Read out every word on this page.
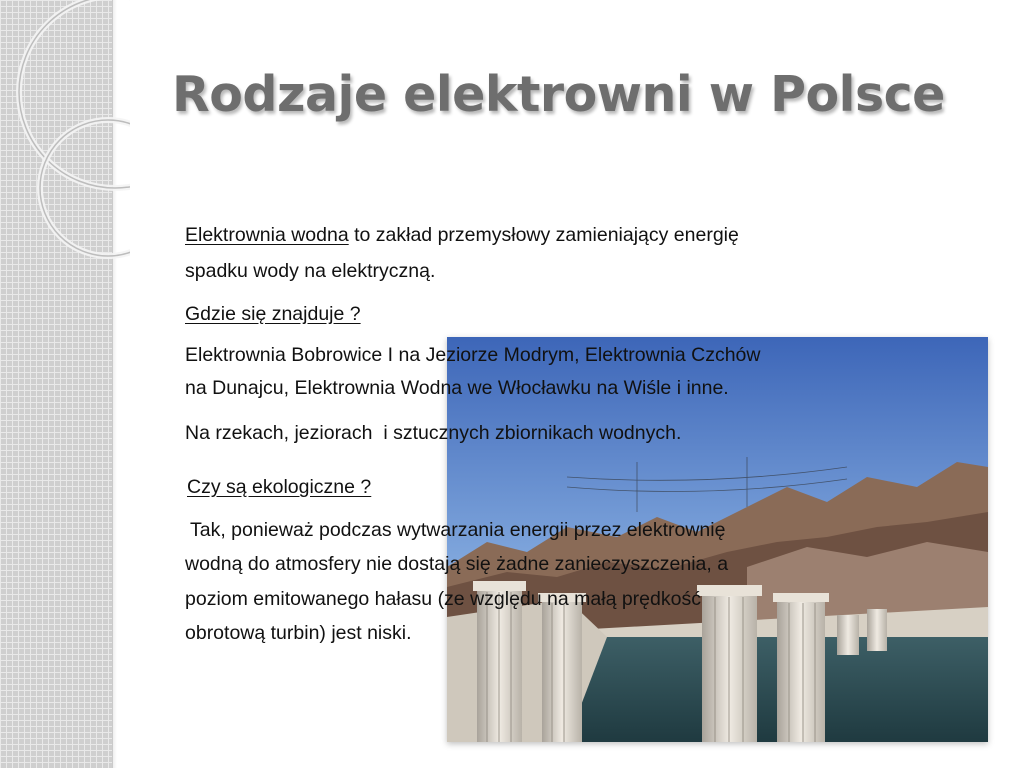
Rodzaje elektrowni w Polsce

Elektrownia wodna to zakład przemysłowy zamieniający energię

spadku wody na elektryczną.

Gdzie się znajduje ?

Elektrownia Bobrowice I na Jeziorze Modrym, Elektrownia Czchów

na Dunajcu, Elektrownia Wodna we Włocławku na Wiśle i inne.

Na rzekach, jeziorach  i sztucznych zbiornikach wodnych.

Czy są ekologiczne ?

Tak, ponieważ podczas wytwarzania energii przez elektrownię

wodną do atmosfery nie dostają się żadne zanieczyszczenia, a

poziom emitowanego hałasu (ze względu na małą prędkość

obrotową turbin) jest niski.
